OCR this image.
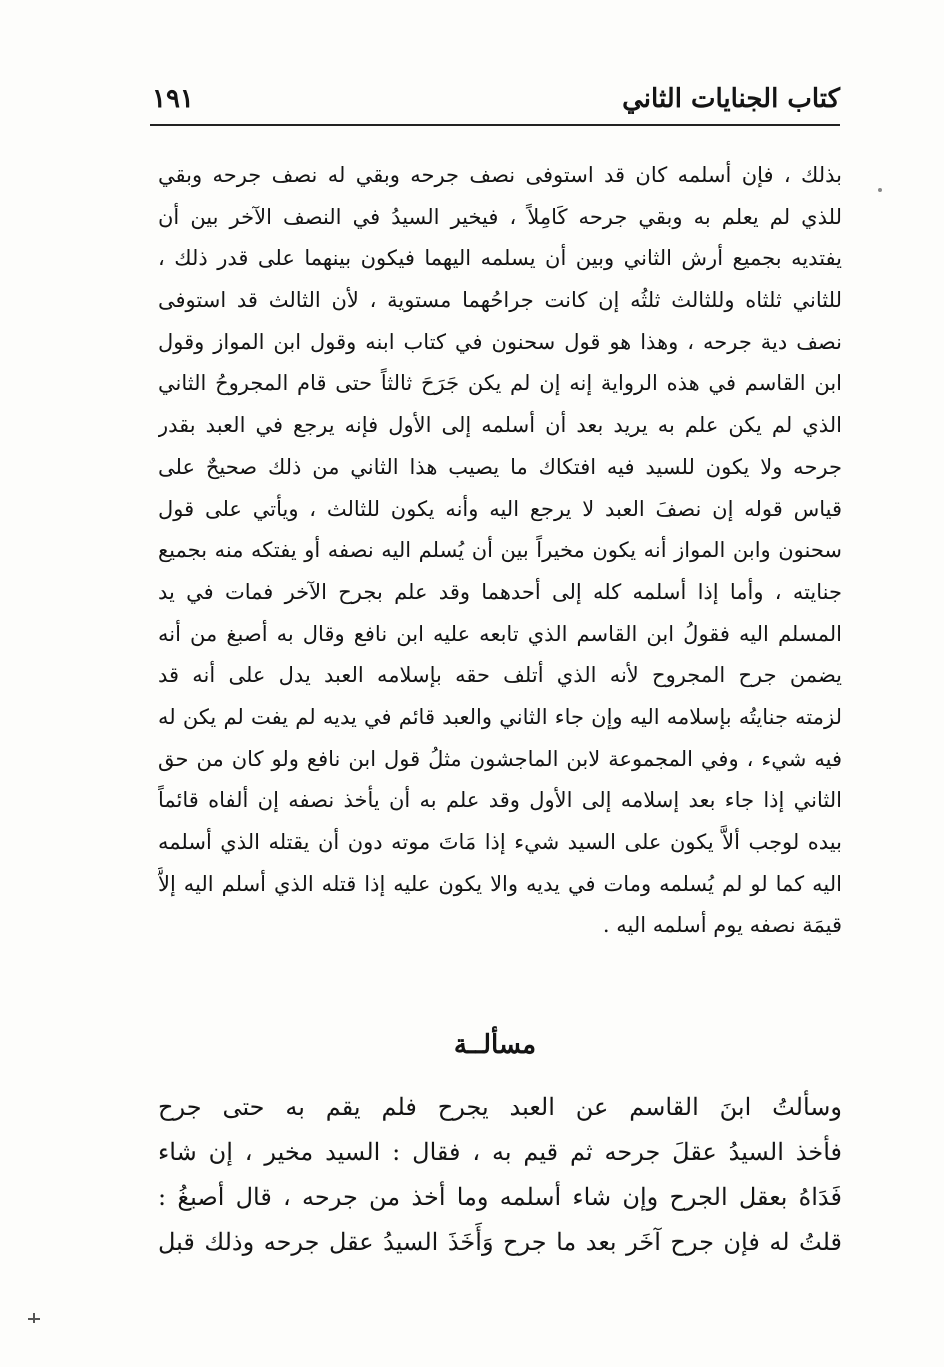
كتاب الجنايات الثاني
١٩١
بذلك ، فإن أسلمه كان قد استوفى نصف جرحه وبقي له نصف جرحه وبقي
للذي لم يعلم به وبقي جرحه كَامِلاً ، فيخير السيدُ في النصف الآخر بين أن
يفتديه بجميع أرش الثاني وبين أن يسلمه اليهما فيكون بينهما على قدر ذلك ،
للثاني ثلثاه وللثالث ثلثُه إن كانت جراحُهما مستوية ، لأن الثالث قد استوفى
نصف دية جرحه ، وهذا هو قول سحنون في كتاب ابنه وقول ابن المواز وقول
ابن القاسم في هذه الرواية إنه إن لم يكن جَرَحَ ثالثاً حتى قام المجروحُ الثاني
الذي لم يكن علم به يريد بعد أن أسلمه إلى الأول فإنه يرجع في العبد بقدر
جرحه ولا يكون للسيد فيه افتكاك ما يصيب هذا الثاني من ذلك صحيحٌ على
قياس قوله إن نصفَ العبد لا يرجع اليه وأنه يكون للثالث ، ويأتي على قول
سحنون وابن المواز أنه يكون مخيراً بين أن يُسلم اليه نصفه أو يفتكه منه بجميع
جنايته ، وأما إذا أسلمه كله إلى أحدهما وقد علم بجرح الآخر فمات في يد
المسلم اليه فقولُ ابن القاسم الذي تابعه عليه ابن نافع وقال به أصبغ من أنه
يضمن جرح المجروح لأنه الذي أتلف حقه بإسلامه العبد يدل على أنه قد
لزمته جنايتُه بإسلامه اليه وإن جاء الثاني والعبد قائم في يديه لم يفت لم يكن له
فيه شيء ، وفي المجموعة لابن الماجشون مثلُ قول ابن نافع ولو كان من حق
الثاني إذا جاء بعد إسلامه إلى الأول وقد علم به أن يأخذ نصفه إن ألفاه قائماً
بيده لوجب ألاَّ يكون على السيد شيء إذا مَاتَ موته دون أن يقتله الذي أسلمه
اليه كما لو لم يُسلمه ومات في يديه والا يكون عليه إذا قتله الذي أسلم اليه إلاَّ
قيمَة نصفه يوم أسلمه اليه .
مسألــة
وسألتُ ابنَ القاسم عن العبد يجرح فلم يقم به حتى جرح
فأخذ السيدُ عقلَ جرحه ثم قيم به ، فقال : السيد مخير ، إن شاء
فَدَاهُ بعقل الجرح وإن شاء أسلمه وما أخذ من جرحه ، قال أصبغُ :
قلتُ له فإن جرح آخَر بعد ما جرح وَأَخَذَ السيدُ عقل جرحه وذلك قبل
